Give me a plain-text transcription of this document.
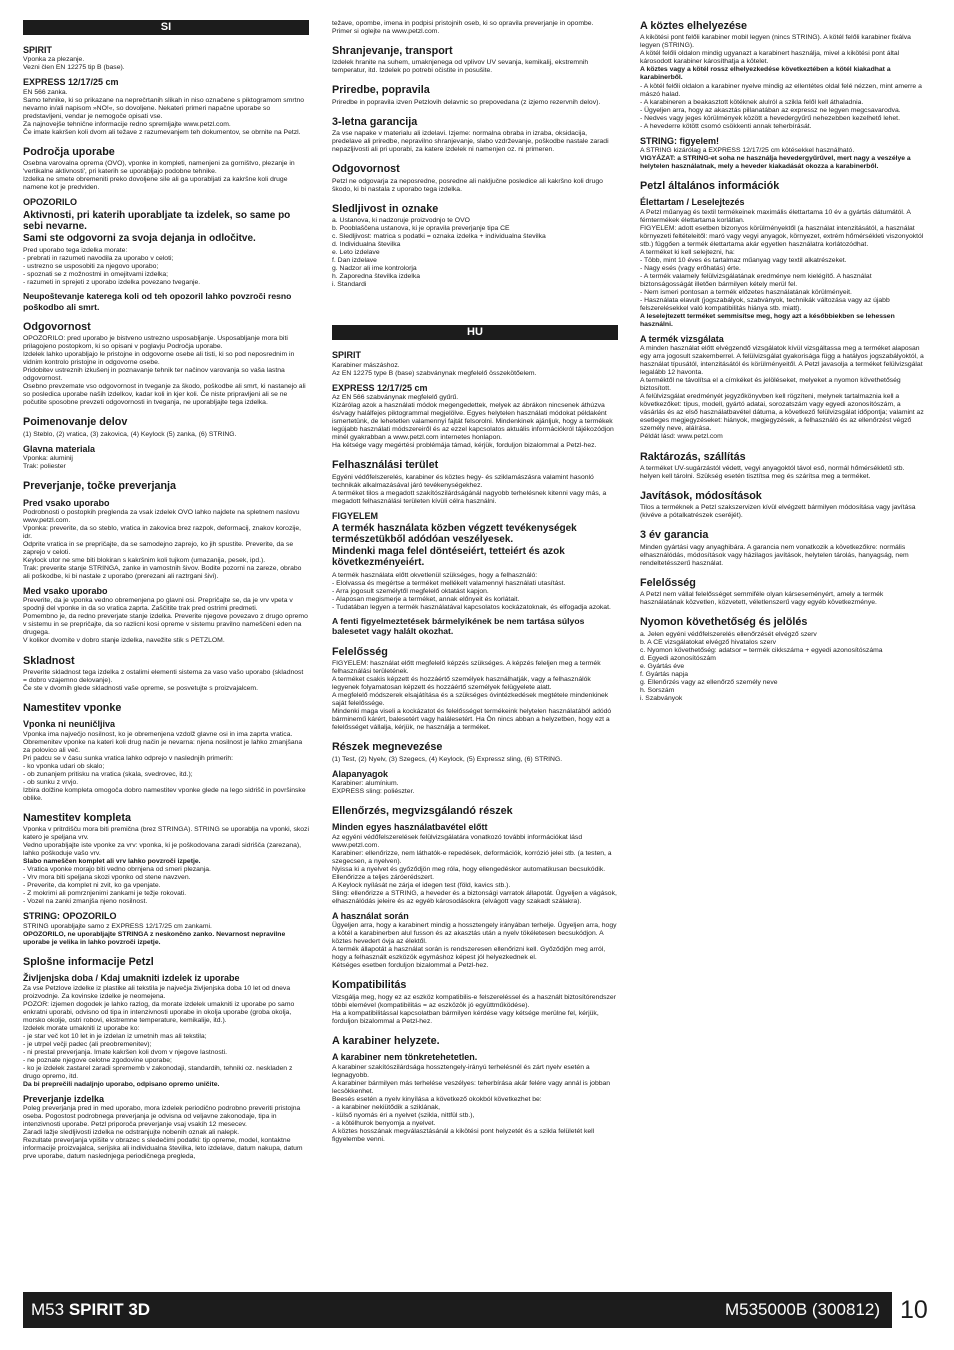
SI
SPIRIT

Vponka za plezanje.
Vezni člen EN 12275 tip B (base).

EXPRESS 12/17/25 cm

EN 566 zanka.
Samo tehnike, ki so prikazane na neprečrtanih slikah in niso označene s piktogramom smrtno nevarno in/ali napisom »NO!«, so dovoljene. Nekateri primeri napačne uporabe so predstavljeni, vendar je nemogoče opisati vse.
Za najnovejše tehnične informacije redno spremljajte www.petzl.com.
Če imate kakršen koli dvom ali težave z razumevanjem teh dokumentov, se obrnite na Petzl.

Področja uporabe

Osebna varovalna oprema (OVO), vponke in kompleti, namenjeni za gorništvo, plezanje in 'vertikalne aktivnosti', pri katerih se uporabljajo podobne tehnike.
Izdelka ne smete obremeniti preko dovoljene sile ali ga uporabljati za kakršne koli druge namene kot je predviden.

OPOZORILO
Aktivnosti, pri katerih uporabljate ta izdelek, so same po sebi nevarne.
Sami ste odgovorni za svoja dejanja in odločitve.

Pred uporabo tega izdelka morate:
- prebrati in razumeti navodila za uporabo v celoti;
- ustrezno se usposobiti za njegovo uporabo;
- spoznati se z možnostmi in omejitvami izdelka;
- razumeti in sprejeti z uporabo izdelka povezano tveganje.

Neupoštevanje katerega koli od teh opozoril lahko povzroči resno poškodbo ali smrt.
Odgovornost

OPOZORILO: pred uporabo je bistveno ustrezno usposabljanje. Usposabljanje mora biti prilagojeno postopkom, ki so opisani v poglavju Področja uporabe.
Izdelek lahko uporabljajo le pristojne in odgovorne osebe ali tisti, ki so pod neposrednim in vidnim kontrolo pristojne in odgovorne osebe.
Pridobitev ustreznih izkušenj in poznavanje tehnik ter načinov varovanja so vaša lastna odgovornost.
Osebno prevzemate vso odgovornost in tveganje za škodo, poškodbe ali smrt, ki nastanejo ali so posledica uporabe naših izdelkov, kadar koli in kjer koli. Če niste pripravljeni ali se ne počutite sposobne prevzeti odgovornosti in tveganja, ne uporabljajte tega izdelka.

Poimenovanje delov

(1) Steblo, (2) vratica, (3) zakovica, (4) Keylock (5) zanka, (6) STRING.

Glavna materiala

Vponka: aluminij
Trak: poliester

Preverjanje, točke preverjanja
Pred vsako uporabo

Podrobnosti o postopkih preglenda za vsak izdelek OVO lahko najdete na spletnem naslovu www.petzl.com.
Vponka: preverite, da so steblo, vratica in zakovica brez razpok, deformacij, znakov korozije, idr.
Odprite vratica in se prepričajte, da se samodejno zaprejo, ko jih spustite. Preverite, da se zaprejo v celoti.
Keylock utor ne sme biti blokiran s kakršnim koli tujkom (umazanija, pesek, ipd.).
Trak: preverite stanje STRINGA, zanke in vamostnih šivov. Bodite pozorni na zareze, obrabo ali poškodbe, ki bi nastale z uporabo (prerezani ali raztrgani šivi).

Med vsako uporabo

Preverite, da je vponka vedno obremenjena po glavni osi. Prepričajte se, da je vrv vpeta v spodnji del vponke in da so vratica zaprta. Zaščitite trak pred ostrimi predmeti.
Pomembno je, da redno preverjate stanje izdelka. Preverite njegove povezavo z drugo opremo v sistemu in se prepričajte, da so razlicni kosi opreme v sistemu pravilno nameščeni eden na drugega.
V kolikor dvomite v dobro stanje izdelka, navežite stik s PETZLOM.

Skladnost

Preverite skladnost tega izdelka z ostalimi elementi sistema za vaso vašo uporabo (skladnost = dobro vzajemno delovanje).
Če ste v dvomih glede skladnosti vaše opreme, se posvetujte s proizvajalcem.

Namestitev vponke
Vponka ni neuničljiva

Vponka ima največjo nosilnost, ko je obremenjena vzdolž glavne osi in ima zaprta vratica.
Obremenitev vponke na kateri koli drug način je nevarna: njena nosilnost je lahko zmanjšana za polovico ali več.
Pri padcu se v času sunka vratica lahko odprejo v naslednjih primerih:
- ko vponka udari ob skalo;
- ob zunanjem pritisku na vratica (skala, svedrovec, itd.);
- ob sunku z vrvjo.
Izbira dolžine kompleta omogoča dobro namestitev vponke glede na lego sidrišč in površinske oblike.

Namestitev kompleta

Vponka v pritrdišču mora biti premična (brez STRINGA). STRING se uporablja na vponki, skozi katero je speljana vrv.
Vedno uporabljajte iste vponke za vrv: vponka, ki je poškodovana zaradi sidrišča (zarezana), lahko poškoduje vašo vrv.

Slabo nameščen komplet ali vrv lahko povzroči izpetje.

- Vratica vponke morajo biti vedno obrnjena od smeri plezanja.
- Vrv mora biti speljana skozi vponko od stene navzven.
- Preverite, da komplet ni zvit, ko ga vpenjate.
- Z mokrimi ali pomrznjenimi zankami je težje rokovati.
- Vozel na zanki zmanjša njeno nosilnost.

STRING: OPOZORILO

STRING uporabljajte samo z EXPRESS 12/17/25 cm zankami.

OPOZORILO, ne uporabljajte STRINGA z neskončno zanko. Nevarnost nepravilne uporabe je velika in lahko povzroči izpetje.

Splošne informacije Petzl
Življenjska doba / Kdaj umakniti izdelek iz uporabe

Za vse Petzlove izdelke iz plastike ali tekstila je največja življenjska doba 10 let od dneva proizvodnje. Za kovinske izdelke je neomejena.
POZOR: izjemen dogodek je lahko razlog, da morate izdelek umakniti iz uporabe po samo enkratni uporabi, odvisno od tipa in intenzivnosti uporabe in okolja uporabe (groba okolja, morsko okolje, ostri robovi, ekstremne temperature, kemikalije, itd.).
Izdelek morate umakniti iz uporabe ko:
- je star več kot 10 let in je izdelan iz umetnih mas ali tekstila;
- je utrpel večji padec (ali preobremenitev);
- ni prestal preverjanja. Imate kakršen koli dvom v njegove lastnosti.
- ne poznate njegove celotne zgodovine uporabe;
- ko je izdelek zastarel zaradi sprememb v zakonodaji, standardih, tehniki oz. neskladen z drugo opremo, itd.

Da bi preprečili nadaljnjo uporabo, odpisano opremo uničite.

Preverjanje izdelka

Poleg preverjanja pred in med uporabo, mora izdelek periodično podrobno preveriti pristojna oseba. Pogostost podrobnega preverjanja je odvisna od veljavne zakonodaje, tipa in intenzivnosti uporabe. Petzl priporoča preverjanje vsaj vsakih 12 mesecev.
Zaradi lažje sledljivosti izdelka ne odstranjujte nobenih oznak ali nalepk.
Rezultate preverjanja vpišite v obrazec s sledečimi podatki: tip opreme, model, kontaktne informacije proizvajalca, serijska ali individualna številka, leto izdelave, datum nakupa, datum prve uporabe, datum naslednjega periodičnega pregleda,

težave, opombe, imena in podpisi pristojnih oseb, ki so opravila preverjanje in opombe.
Primer si oglejte na www.petzl.com.

Shranjevanje, transport

Izdelek hranite na suhem, umaknjenega od vplivov UV sevanja, kemikalij, ekstremnih temperatur, itd. Izdelek po potrebi očistite in posušite.

Priredbe, popravila

Priredbe in popravila izven Petzlovih delavnic so prepovedana (z izjemo rezervnih delov).

3-letna garancija

Za vse napake v materialu ali izdelavi. Izjeme: normalna obraba in izraba, oksidacija, predelave ali priredbe, nepravilno shranjevanje, slabo vzdrževanje, poškodbe nastale zaradi nepazljivosti ali pri uporabi, za katere izdelek ni namenjen oz. ni primeren.

Odgovornost

Petzl ne odgovarja za neposredne, posredne ali naključne posledice ali kakršno koli drugo škodo, ki bi nastala z uporabo tega izdelka.

Sledljivost in oznake

a. Ustanova, ki nadzoruje proizvodnjo te OVO
b. Pooblaščena ustanova, ki je opravila preverjanje tipa CE
c. Sledljivost: matrica s podatki = oznaka izdelka + individualna številka
d. Individualna številka
e. Leto izdelave
f. Dan izdelave
g. Nadzor ali ime kontrolorja
h. Zaporedna številka izdelka
i. Standardi

HU
SPIRIT

Karabiner mászáshoz.
Az EN 12275 type B (base) szabványnak megfelelő összekötőelem.

EXPRESS 12/17/25 cm

Az EN 566 szabványnak megfelelő gyűrű.
Kizárólag azok a használati módok megengedettek, melyek az ábrákon nincsenek áthúzva és/vagy halálfejes piktogrammal megjelölve. Egyes helytelen használati módokat példaként ismertetünk, de lehetetlen valamennyi fajtát felsorolni. Mindenkinek ajánljuk, hogy a termékek legújabb használati módszereiről és az ezzel kapcsolatos aktuális információkról tájékozódjon minél gyakrabban a www.petzl.com internetes honlapon.
Ha kétsége vagy megértési problémája támad, kérjük, forduljon bizalommal a Petzl-hez.

Felhasználási terület

Egyéni védőfelszerelés, karabiner és köztes hegy- és sziklamászásra valamint hasonló technikák alkalmazásával járó tevékenységekhez.
A terméket tilos a megadott szakítószilárdságánál nagyobb terhelésnek kitenni vagy más, a megadott felhasználási területen kívüli célra használni.

FIGYELEM
A termék használata közben végzett tevékenységek természetükből adódóan veszélyesek.
Mindenki maga felel döntéseiért, tetteiért és azok következményeiért.

A termék használata előtt okvetlenül szükséges, hogy a felhasználó:
- Elolvassa és megértse a terméket mellékelt valamennyi használati utasítást.
- Arra jogosult személytől megfelelő oktatást kapjon.
- Alaposan megismerje a terméket, annak előnyeit és korlátait.
- Tudatában legyen a termék használatával kapcsolatos kockázatoknak, és elfogadja azokat.

A fenti figyelmeztetések bármelyikének be nem tartása súlyos balesetet vagy halált okozhat.
Felelősség

FIGYELEM: használat előtt megfelelő képzés szükséges. A képzés feleljen meg a termék felhasználási területének.
A terméket csakis képzett és hozzáértő személyek használhatják, vagy a felhasználók legyenek folyamatosan képzett és hozzáértő személyek felügyelete alatt.
A megfelelő módszerek elsajátítása és a szükséges óvintézkedések megtétele mindenkinek saját felelőssége.
Mindenki maga viseli a kockázatot és felelősséget termékeink helytelen használatából adódó bárminemű kárért, balesetért vagy halálesetért. Ha Ön nincs abban a helyzetben, hogy ezt a felelősséget vállalja, kérjük, ne használja a terméket.

Részek megnevezése

(1) Test, (2) Nyelv, (3) Szegecs, (4) Keylock, (5) Expressz sling, (6) STRING.

Alapanyagok

Karabiner: alumínium.
EXPRESS sling: poliészter.

Ellenőrzés, megvizsgálandó részek
Minden egyes használatbavétel előtt

Az egyéni védőfelszerelések felülvizsgálatára vonatkozó további információkat lásd www.petzl.com.
Karabiner: ellenőrizze, nem láthatók-e repedések, deformációk, korrózió jelei stb. (a testen, a szegecsen, a nyelven).
Nyissa ki a nyelvet és győződjön meg róla, hogy ellengedéskor automatikusan becsukódik. Ellenőrizze a teljes záróerédszert.
A Keylock nyílását ne zárja el idegen test (föld, kavics stb.).
Sling: ellenőrizze a STRING, a heveder és a biztonsági varratok állapotát. Ügyeljen a vágások, elhasználódás jeleire és az egyéb károsodásokra (elvágott vagy szakadt szálakra).

A használat során

Ügyeljen arra, hogy a karabinert mindig a hossztengely irányában terhelje. Ügyeljen arra, hogy a kötél a karabinerben alul fusson és az akasztás után a nyelv tökéletesen becsukódjon. A köztes hevedert óvja az élektől.
A termék állapotát a használat során is rendszeresen ellenőrizni kell. Győződjön meg arról, hogy a felhasznált eszközök egymáshoz képest jól helyezkednek el.
Kétséges esetben forduljon bizalommal a Petzl-hez.

Kompatibilitás

Vizsgálja meg, hogy ez az eszköz kompatibilis-e felszereléssel és a használt biztosítórendszer többi elemével (kompatibilitás = az eszközök jó együttműködése).
Ha a kompatibilitással kapcsolatban bármilyen kérdése vagy kétsége merülne fel, kérjük, forduljon bizalommal a Petzl-hez.

A karabiner helyzete.
A karabiner nem tönkretehetetlen.

A karabiner szakítószilárdsága hossztengely-irányú terhelésnél és zárt nyelv esetén a legnagyobb.
A karabiner bármilyen más terhelése veszélyes: teherbírása akár felére vagy annál is jobban lecsökkenhet.
Beesés esetén a nyelv kinyílása a következő okokból következhet be:
- a karabiner nekiütődik a sziklának,
- külső nyomás éri a nyelvet (szikla, nittfül stb.),
- a kötélhurok benyomja a nyelvet.
A köztes hosszának megválasztásánál a kikötési pont helyzetét és a szikla felületét kell figyelembe venni.

A köztes elhelyezése

A kikötési pont felőli karabiner mobil legyen (nincs STRING). A kötél felőli karabiner fixálva legyen (STRING).
A kötél felőli oldalon mindig ugyanazt a karabinert használja, mivel a kikötési pont által károsodott karabiner károsíthatja a kötelet.

A köztes vagy a kötél rossz elhelyezkedése következtében a kötél kiakadhat a karabinerből.

- A kötél felőli oldalon a karabiner nyelve mindig az ellentétes oldal felé nézzen, mint amerre a mászó halad.
- A karabineren a beakasztott kötéknek alulról a szikla felől kell áthaladnia.
- Ügyeljen arra, hogy az akasztás pillanatában az expressz ne legyen megcsavarodva.
- Nedves vagy jeges körülmények között a hevedergyűrű nehezebben kezelhető lehet.
- A hevederre kötött csomó csökkenti annak teherbírását.

STRING: figyelem!

A STRING kizárólag a EXPRESS 12/17/25 cm kötésekkel használható.

VIGYÁZAT: a STRING-et soha ne használja hevedergyűrűvel, mert nagy a veszélye a helytelen használatnak, mely a heveder kiakadását okozza a karabinerből.

Petzl általános információk
Élettartam / Leselejtezés

A Petzl műanyag és textil termékeinek maximális élettartama 10 év a gyártás dátumától. A fémtermékek élettartama korlátlan.
FIGYELEM: adott esetben bizonyos körülményektől (a használat intenzitásától, a használat környezeti feltételeitől: maró vagy vegyi anyagok, környezet, extrém hőmérsékleti viszonyoktól stb.) függően a termék élettartama akár egyetlen használatra korlátozódhat.
A terméket ki kell selejtezni, ha:
- Több, mint 10 éves és tartalmaz műanyag vagy textil alkatrészeket.
- Nagy esés (vagy erőhatás) érte.
- A termék valamely felülvizsgálatának eredménye nem kielégítő. A használat biztonságosságát illetően bármilyen kétely merül fel.
- Nem ismeri pontosan a termék előzetes használatának körülményeit.
- Használata elavult (jogszabályok, szabványok, technikák változása vagy az újabb felszerelésekkel való kompatibilitás hiánya stb. miatt).

A leselejtezett terméket semmisítse meg, hogy azt a későbbiekben se lehessen használni.

A termék vizsgálata

A minden használat előtt elvégzendő vizsgálatok kívül vizsgáltassa meg a terméket alaposan egy arra jogosult szakemberrel. A felülvizsgálat gyakorisága függ a hatályos jogszabályoktól, a használat típusától, intenzitásától és körülményeitől. A Petzl javasolja a terméket felülvizsgálat legalább 12 havonta.
A terméktől ne távolítsa el a címkéket és jelöléseket, melyeket a nyomon követhetőség biztosított.
A felülvizsgálat eredményét jegyzőkönyvben kell rögzíteni, melynek tartalmaznia kell a következőket: típus, modell, gyártó adatai, sorozatszám vagy egyedi azonosítószám, a vásárlás és az első használatbavétel dátuma, a következő felülvizsgálat időpontja; valamint az esetleges megjegyzéseket: hiányok, megjegyzések, a felhasználó és az ellenőrzést végző személy neve, aláírása.
Példát lásd: www.petzl.com

Raktározás, szállítás

A terméket UV-sugárzástól védett, vegyi anyagoktól távol eső, normál hőmérsékletű stb. helyen kell tárolni. Szükség esetén tisztítsa meg és szárítsa meg a terméket.

Javítások, módosítások

Tilos a terméknek a Petzl szakszervizen kívül elvégzett bármilyen módosítása vagy javítása (kivéve a pótalkatrészek cseréjét).

3 év garancia

Minden gyártási vagy anyaghibára. A garancia nem vonatkozik a következőkre: normális elhasználódás, módosítások vagy házilagos javítások, helytelen tárolás, hanyagság, nem rendeltetésszerű használat.

Felelősség

A Petzl nem vállal felelősséget semmiféle olyan kárseseményért, amely a termék használatának közvetlen, közvetett, véletlenszerű vagy egyéb következménye.

Nyomon követhetőség és jelölés

a. Jelen egyéni védőfelszerelés ellenőrzését elvégző szerv
b. A CE vizsgálatokat elvégző hivatalos szerv
c. Nyomon követhetőség: adatsor = termék cikkszáma + egyedi azonosítószáma
d. Egyedi azonosítószám
e. Gyártás éve
f. Gyártás napja
g. Ellenőrzés vagy az ellenőrző személy neve
h. Sorszám
i. Szabványok

M53 SPIRIT 3D	M535000B (300812) 10
